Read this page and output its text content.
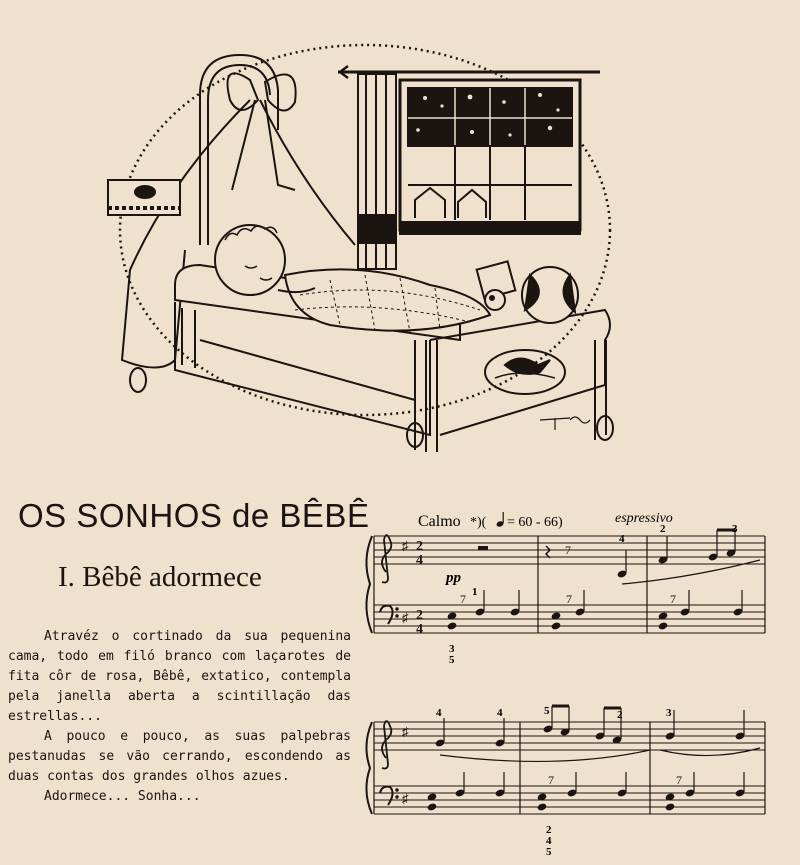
OS SONHOS de BÊBÊ
I. Bêbê adormece

Atravéz o cortinado da sua pequenina cama, todo em filó branco com laçarotes de fita côr de rosa, Bêbê, extatico, contempla pela janella aberta a scintillação das estrellas...

A pouco e pouco, as suas palpebras pestanudas se vão cerrando, escondendo as duas contas dos grandes olhos azues.

Adormece... Sonha...

Calmo *)( = 60 - 66)	espressivo
♯
♯
2
4
2
4
7
7	7	7
♯
♯
7	7
pp
4
1
2	3
3
5
4	4	5	2	3
2
4
5
